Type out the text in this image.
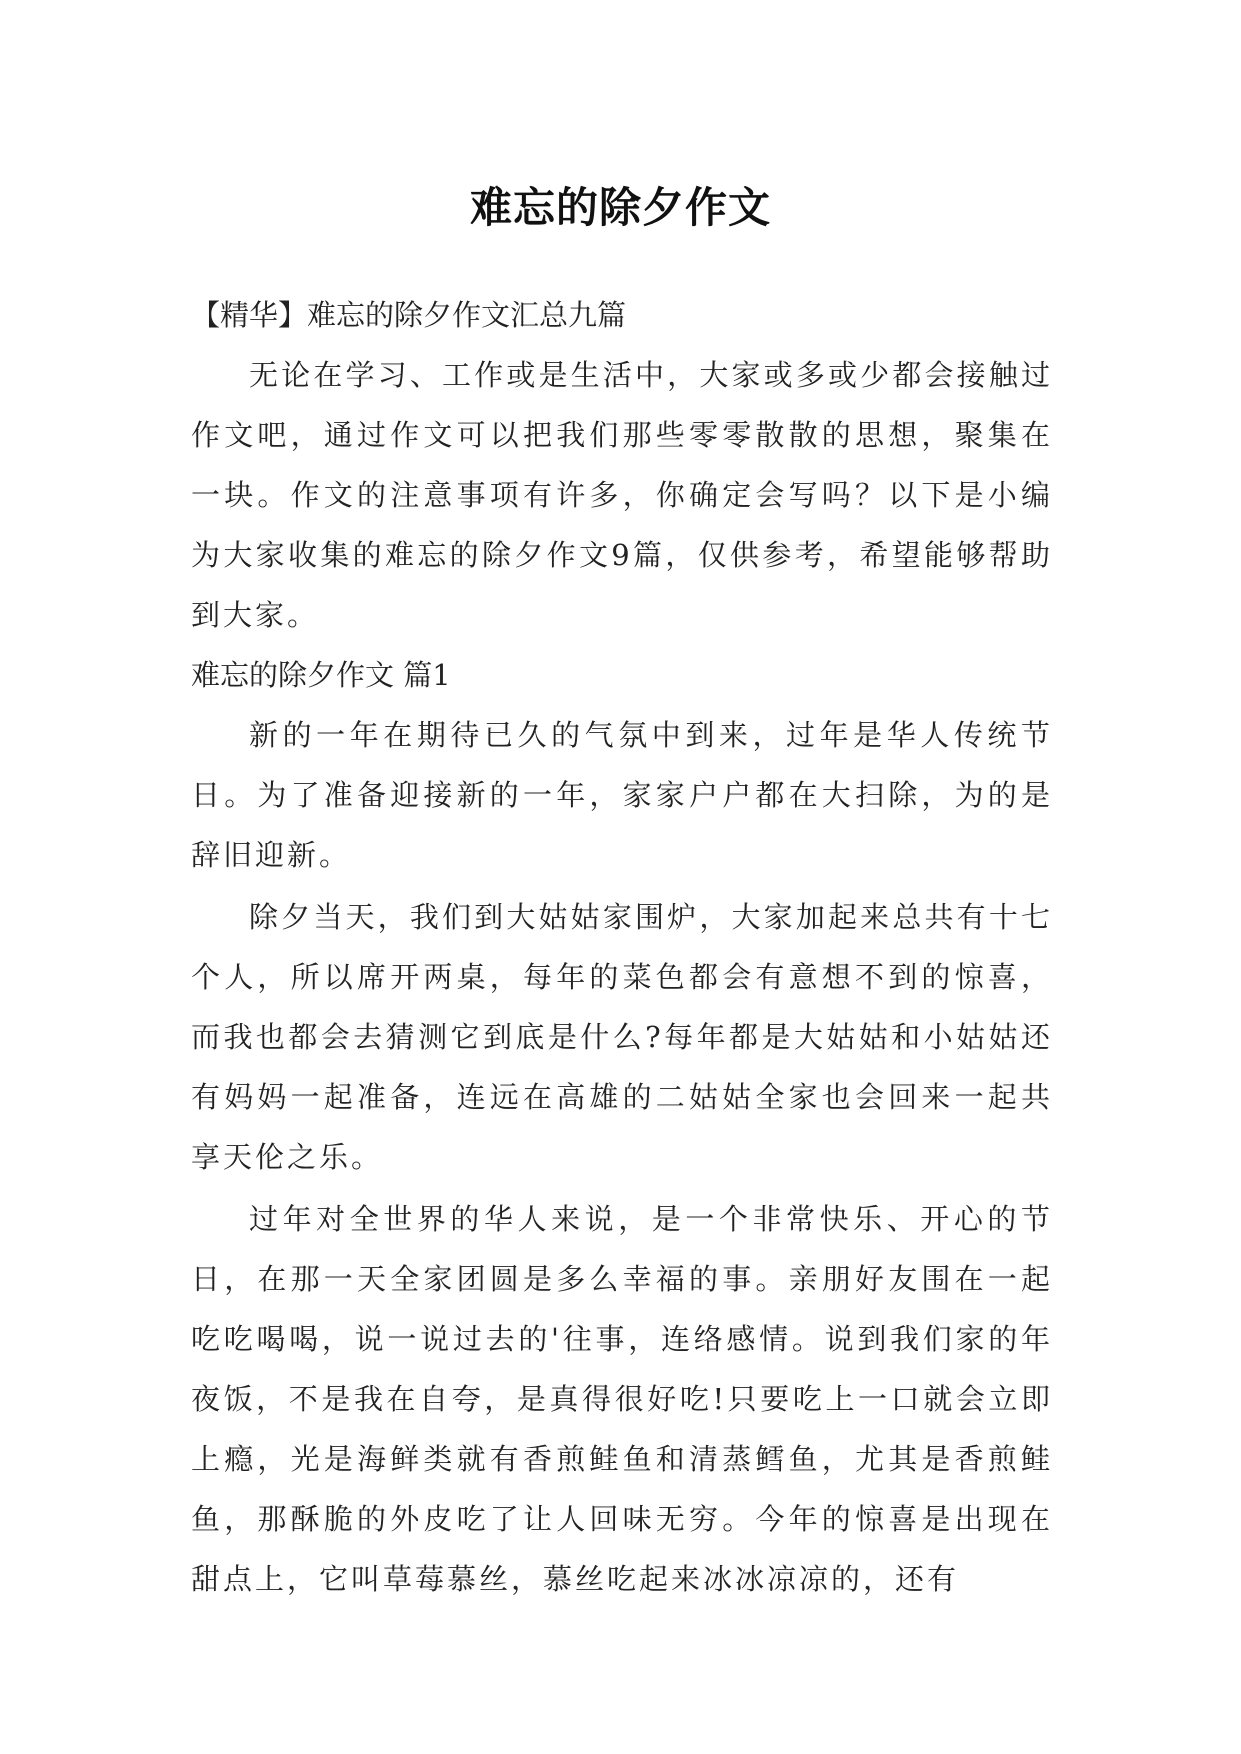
难忘的除夕作文

【精华】难忘的除夕作文汇总九篇

无论在学习、工作或是生活中，大家或多或少都会接触过作文吧，通过作文可以把我们那些零零散散的思想，聚集在一块。作文的注意事项有许多，你确定会写吗？以下是小编为大家收集的难忘的除夕作文9篇，仅供参考，希望能够帮助到大家。

难忘的除夕作文 篇1

新的一年在期待已久的气氛中到来，过年是华人传统节日。为了准备迎接新的一年，家家户户都在大扫除，为的是辞旧迎新。

除夕当天，我们到大姑姑家围炉，大家加起来总共有十七个人，所以席开两桌，每年的菜色都会有意想不到的惊喜，而我也都会去猜测它到底是什么?每年都是大姑姑和小姑姑还有妈妈一起准备，连远在高雄的二姑姑全家也会回来一起共享天伦之乐。

过年对全世界的华人来说，是一个非常快乐、开心的节日，在那一天全家团圆是多么幸福的事。亲朋好友围在一起吃吃喝喝，说一说过去的'往事，连络感情。说到我们家的年夜饭，不是我在自夸，是真得很好吃!只要吃上一口就会立即上瘾，光是海鲜类就有香煎鲑鱼和清蒸鳕鱼，尤其是香煎鲑鱼，那酥脆的外皮吃了让人回味无穷。今年的惊喜是出现在甜点上，它叫草莓慕丝，慕丝吃起来冰冰凉凉的，还有
